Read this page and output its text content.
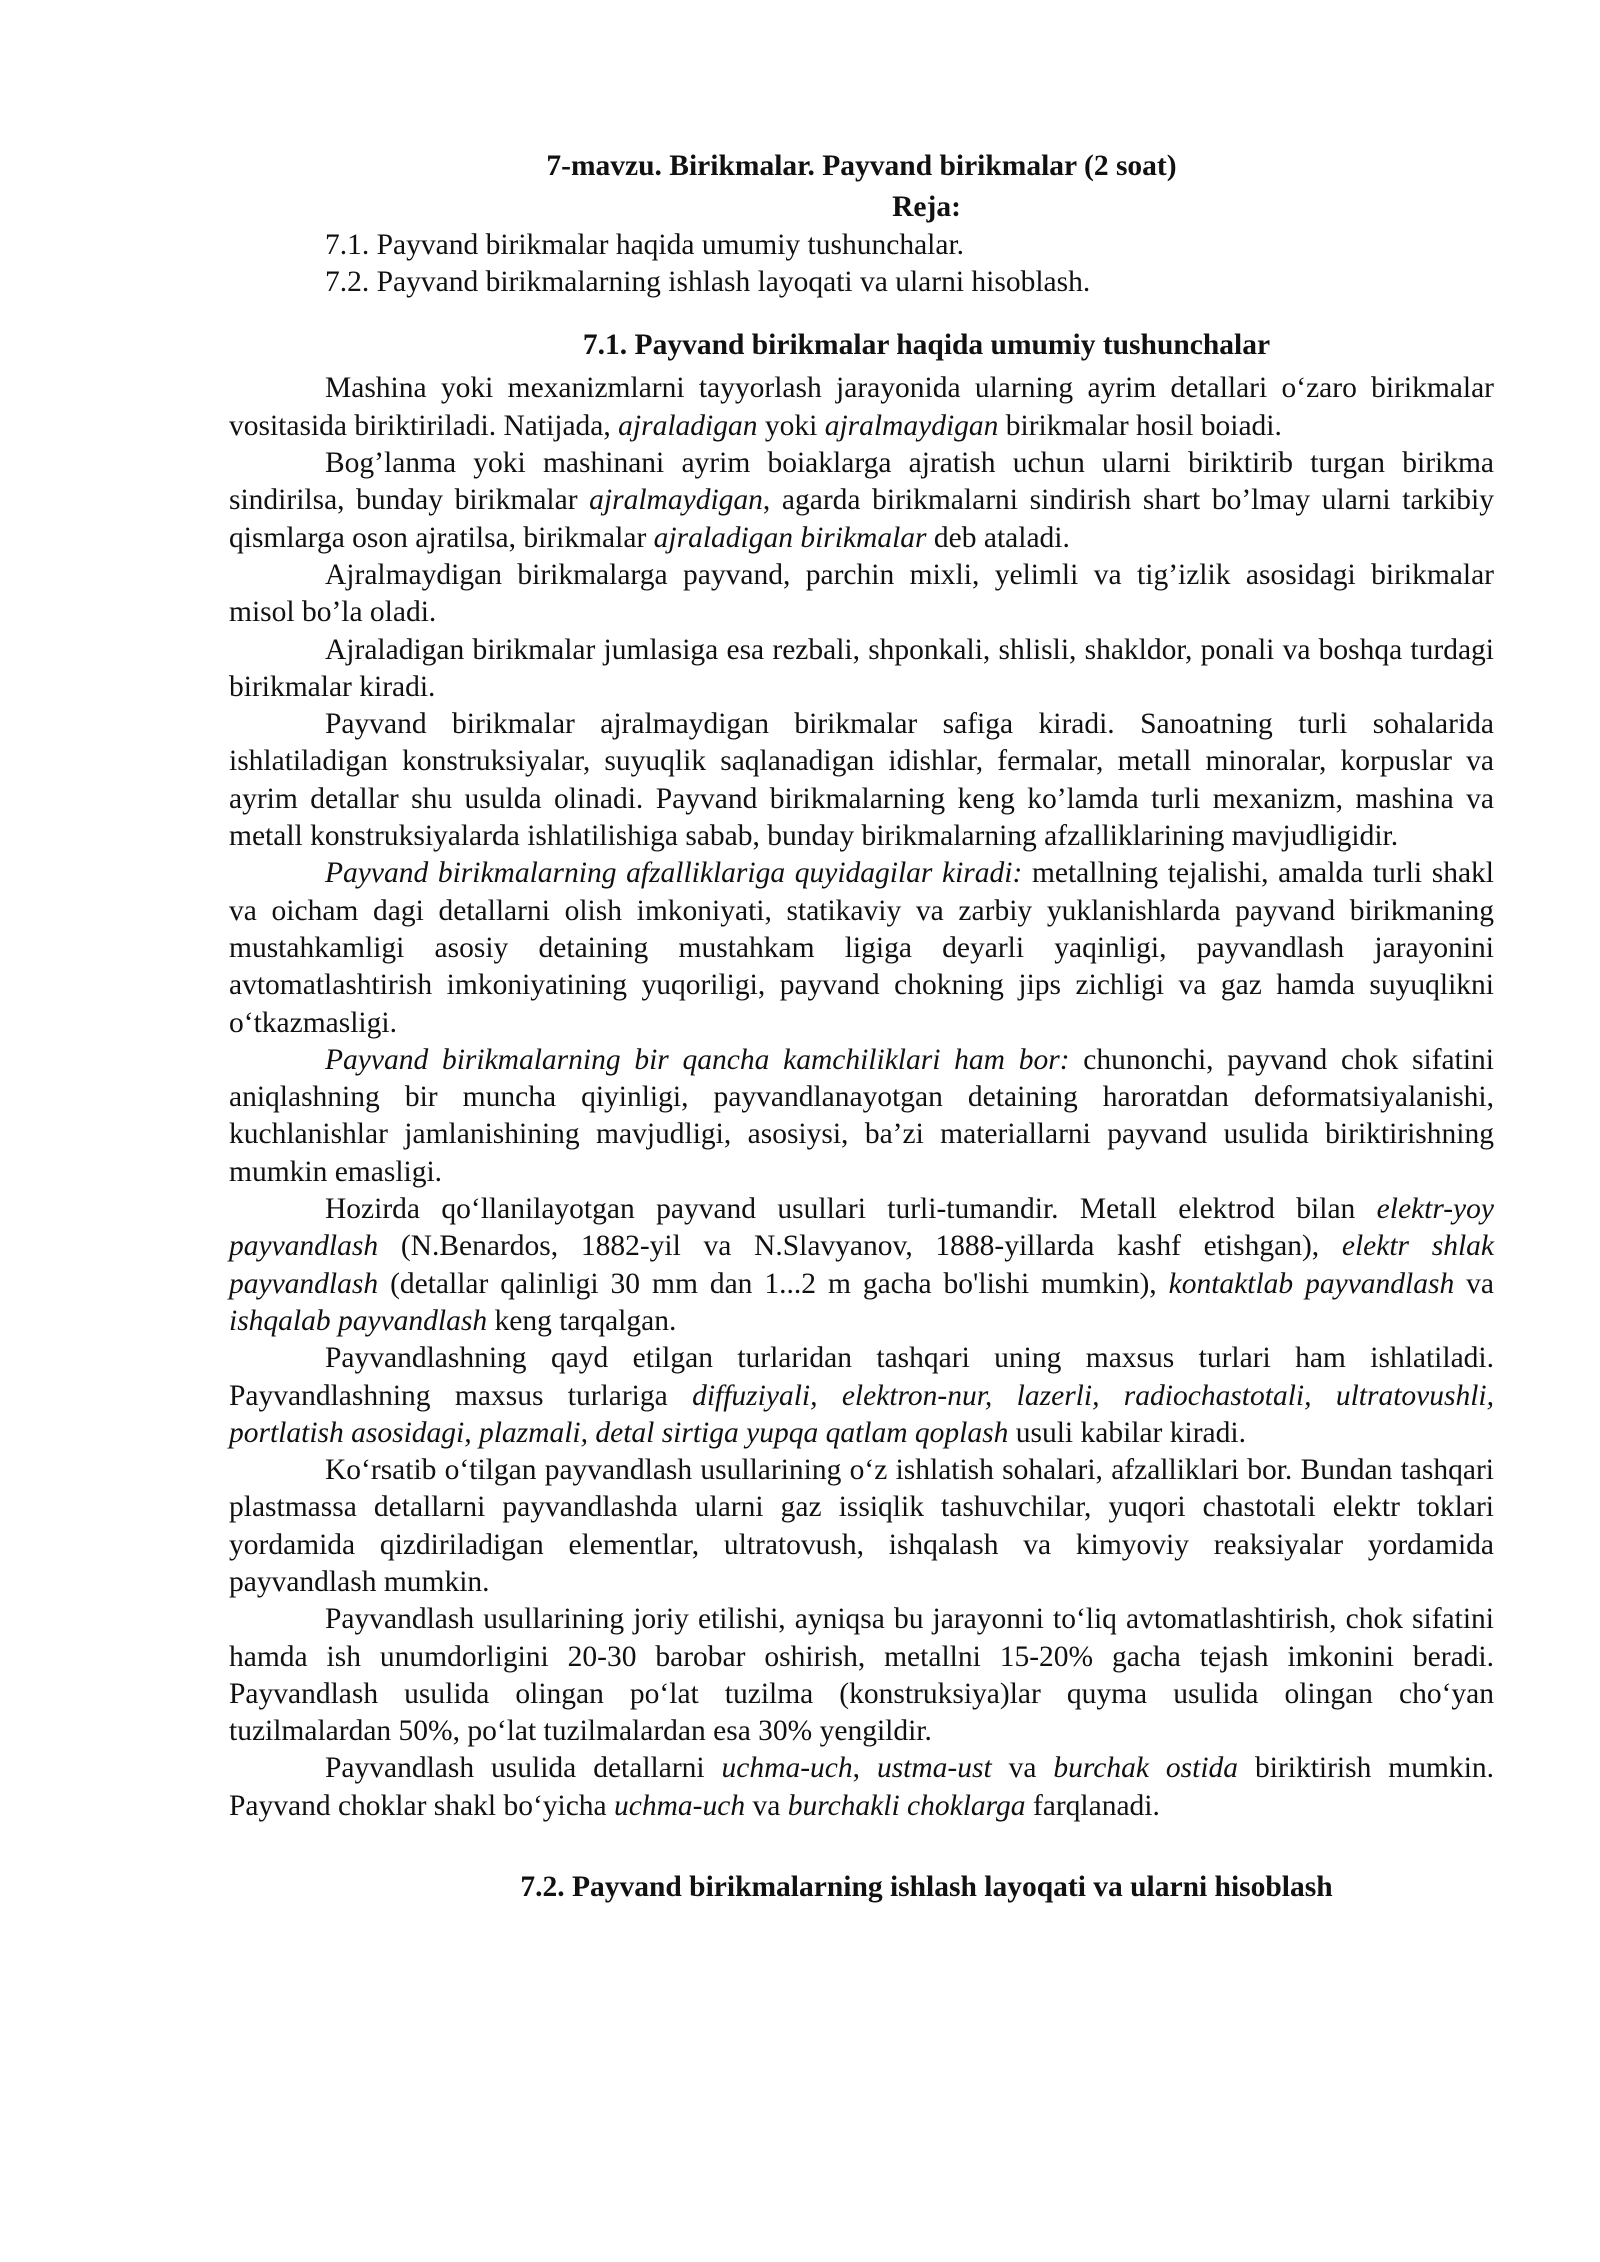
7-mavzu. Birikmalar. Payvand birikmalar (2 soat)

Reja:

7.1. Payvand birikmalar haqida umumiy tushunchalar.

7.2. Payvand birikmalarning ishlash layoqati va ularni hisoblash.

7.1. Payvand birikmalar haqida umumiy tushunchalar

Mashina yoki mexanizmlarni tayyorlash jarayonida ularning ayrim detallari o‘zaro birikmalar vositasida biriktiriladi. Natijada, ajraladigan yoki ajralmaydigan birikmalar hosil boiadi.

Bog’lanma yoki mashinani ayrim boiaklarga ajratish uchun ularni biriktirib turgan birikma sindirilsa, bunday birikmalar ajralmaydigan, agarda birikmalarni sindirish shart bo’lmay ularni tarkibiy qismlarga oson ajratilsa, birikmalar ajraladigan birikmalar deb ataladi.

Ajralmaydigan birikmalarga payvand, parchin mixli, yelimli va tig’izlik asosidagi birikmalar misol bo’la oladi.

Ajraladigan birikmalar jumlasiga esa rezbali, shponkali, shlisli, shakldor, ponali va boshqa turdagi birikmalar kiradi.

Payvand birikmalar ajralmaydigan birikmalar safiga kiradi. Sanoatning turli sohalarida ishlatiladigan konstruksiyalar, suyuqlik saqlanadigan idishlar, fermalar, metall minoralar, korpuslar va ayrim detallar shu usulda olinadi. Payvand birikmalarning keng ko’lamda turli mexanizm, mashina va metall konstruksiyalarda ishlatilishiga sabab, bunday birikmalarning afzalliklarining mavjudligidir.

Payvand birikmalarning afzalliklariga quyidagilar kiradi: metallning tejalishi, amalda turli shakl va oicham dagi detallarni olish imkoniyati, statikaviy va zarbiy yuklanishlarda payvand birikmaning mustahkamligi asosiy detaining mustahkam ligiga deyarli yaqinligi, payvandlash jarayonini avtomatlashtirish imkoniyatining yuqoriligi, payvand chokning jips zichligi va gaz hamda suyuqlikni o‘tkazmasligi.

Payvand birikmalarning bir qancha kamchiliklari ham bor: chunonchi, payvand chok sifatini aniqlashning bir muncha qiyinligi, payvandlanayotgan detaining haroratdan deformatsiyalanishi, kuchlanishlar jamlanishining mavjudligi, asosiysi, ba’zi materiallarni payvand usulida biriktirishning mumkin emasligi.

Hozirda qo‘llanilayotgan payvand usullari turli-tumandir. Metall elektrod bilan elektr-yoy payvandlash (N.Benardos, 1882-yil va N.Slavyanov, 1888-yillarda kashf etishgan), elektr shlak payvandlash (detallar qalinligi 30 mm dan 1...2 m gacha bo'lishi mumkin), kontaktlab payvandlash va ishqalab payvandlash keng tarqalgan.

Payvandlashning qayd etilgan turlaridan tashqari uning maxsus turlari ham ishlatiladi. Payvandlashning maxsus turlariga diffuziyali, elektron-nur, lazerli, radiochastotali, ultratovushli, portlatish asosidagi, plazmali, detal sirtiga yupqa qatlam qoplash usuli kabilar kiradi.

Ko‘rsatib o‘tilgan payvandlash usullarining o‘z ishlatish sohalari, afzalliklari bor. Bundan tashqari plastmassa detallarni payvandlashda ularni gaz issiqlik tashuvchilar, yuqori chastotali elektr toklari yordamida qizdiriladigan elementlar, ultratovush, ishqalash va kimyoviy reaksiyalar yordamida payvandlash mumkin.

Payvandlash usullarining joriy etilishi, ayniqsa bu jarayonni to‘liq avtomatlashtirish, chok sifatini hamda ish unumdorligini 20-30 barobar oshirish, metallni 15-20% gacha tejash imkonini beradi. Payvandlash usulida olingan po‘lat tuzilma (konstruksiya)lar quyma usulida olingan cho‘yan tuzilmalardan 50%, po‘lat tuzilmalardan esa 30% yengildir.

Payvandlash usulida detallarni uchma-uch, ustma-ust va burchak ostida biriktirish mumkin. Payvand choklar shakl bo‘yicha uchma-uch va burchakli choklarga farqlanadi.

7.2. Payvand birikmalarning ishlash layoqati va ularni hisoblash
